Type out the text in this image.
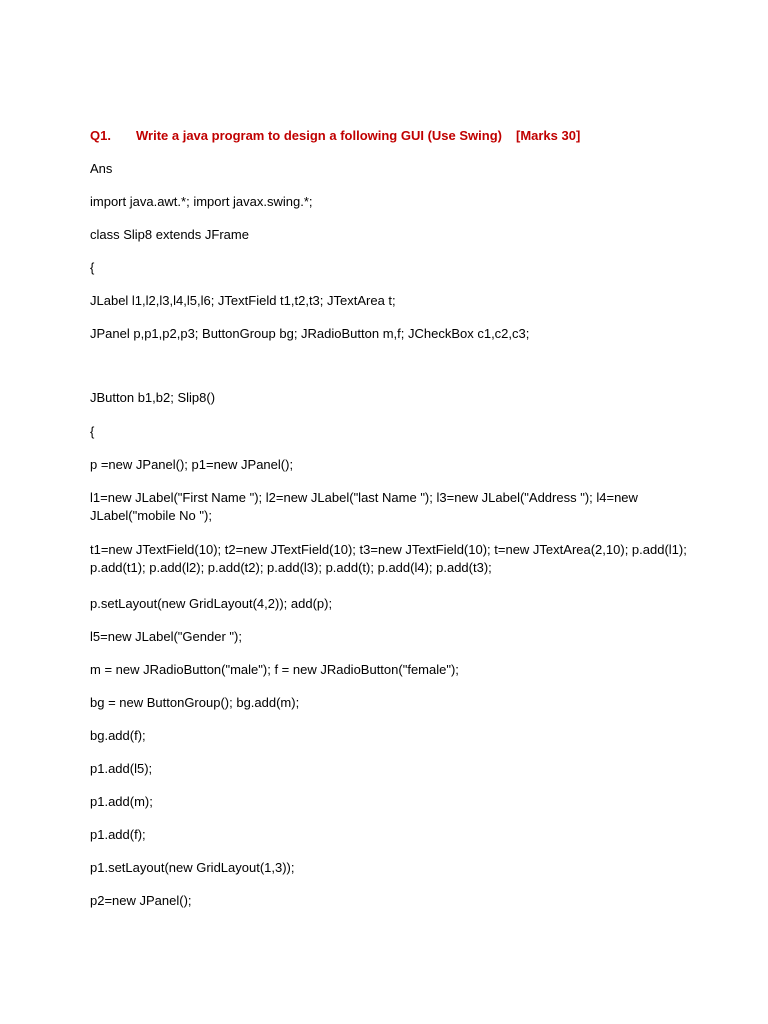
Q1. Write a java program to design a following GUI (Use Swing) [Marks 30]
Ans
import java.awt.*; import javax.swing.*;
class Slip8 extends JFrame
{
JLabel l1,l2,l3,l4,l5,l6; JTextField t1,t2,t3; JTextArea t;
JPanel p,p1,p2,p3; ButtonGroup bg; JRadioButton m,f; JCheckBox c1,c2,c3;
JButton b1,b2; Slip8()
{
p =new JPanel(); p1=new JPanel();
l1=new JLabel("First Name "); l2=new JLabel("last Name "); l3=new JLabel("Address "); l4=new JLabel("mobile No ");
t1=new JTextField(10); t2=new JTextField(10); t3=new JTextField(10); t=new JTextArea(2,10); p.add(l1); p.add(t1); p.add(l2); p.add(t2); p.add(l3); p.add(t); p.add(l4); p.add(t3);
p.setLayout(new GridLayout(4,2)); add(p);
l5=new JLabel("Gender ");
m = new JRadioButton("male"); f = new JRadioButton("female");
bg = new ButtonGroup(); bg.add(m);
bg.add(f);
p1.add(l5);
p1.add(m);
p1.add(f);
p1.setLayout(new GridLayout(1,3));
p2=new JPanel();
